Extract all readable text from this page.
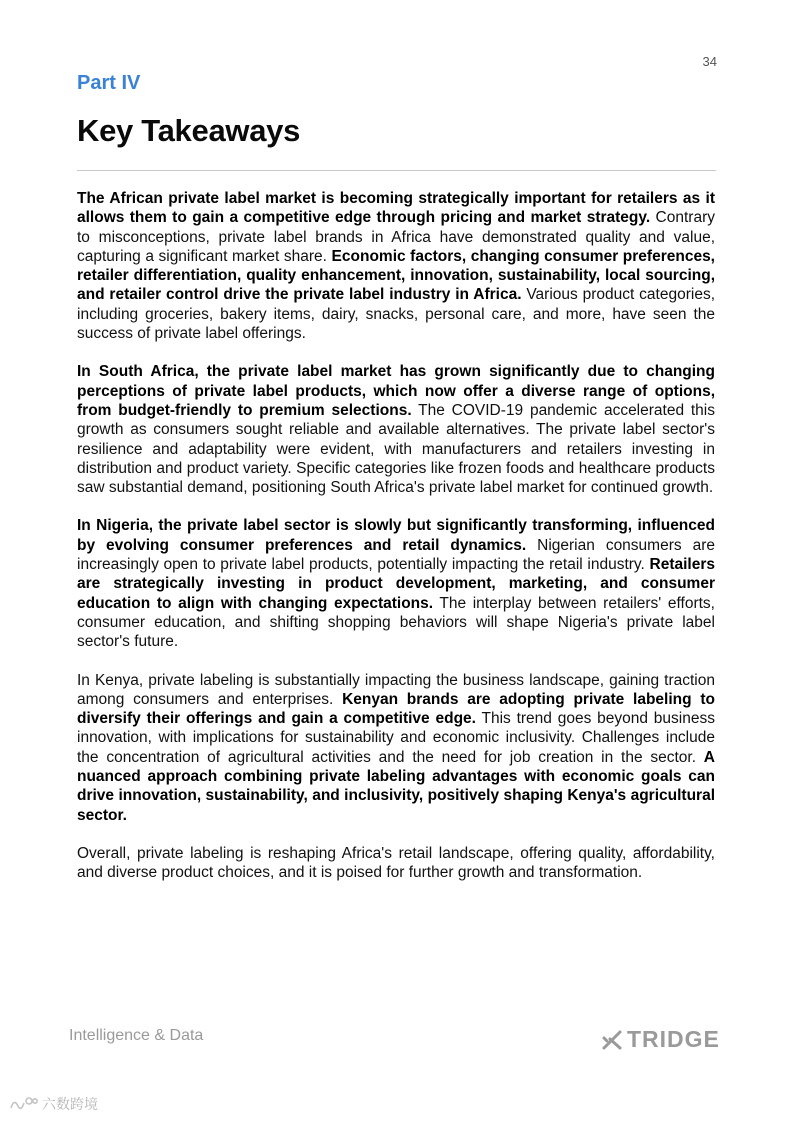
34
Part IV
Key Takeaways

The African private label market is becoming strategically important for retailers as it allows them to gain a competitive edge through pricing and market strategy. Contrary to misconceptions, private label brands in Africa have demonstrated quality and value, capturing a significant market share. Economic factors, changing consumer preferences, retailer differentiation, quality enhancement, innovation, sustainability, local sourcing, and retailer control drive the private label industry in Africa. Various product categories, including groceries, bakery items, dairy, snacks, personal care, and more, have seen the success of private label offerings.

In South Africa, the private label market has grown significantly due to changing perceptions of private label products, which now offer a diverse range of options, from budget-friendly to premium selections. The COVID-19 pandemic accelerated this growth as consumers sought reliable and available alternatives. The private label sector's resilience and adaptability were evident, with manufacturers and retailers investing in distribution and product variety. Specific categories like frozen foods and healthcare products saw substantial demand, positioning South Africa's private label market for continued growth.

In Nigeria, the private label sector is slowly but significantly transforming, influenced by evolving consumer preferences and retail dynamics. Nigerian consumers are increasingly open to private label products, potentially impacting the retail industry. Retailers are strategically investing in product development, marketing, and consumer education to align with changing expectations. The interplay between retailers' efforts, consumer education, and shifting shopping behaviors will shape Nigeria's private label sector's future.

In Kenya, private labeling is substantially impacting the business landscape, gaining traction among consumers and enterprises. Kenyan brands are adopting private labeling to diversify their offerings and gain a competitive edge. This trend goes beyond business innovation, with implications for sustainability and economic inclusivity. Challenges include the concentration of agricultural activities and the need for job creation in the sector. A nuanced approach combining private labeling advantages with economic goals can drive innovation, sustainability, and inclusivity, positively shaping Kenya's agricultural sector.

Overall, private labeling is reshaping Africa's retail landscape, offering quality, affordability, and diverse product choices, and it is poised for further growth and transformation.

Intelligence & Data	TRIDGE
六数跨境
